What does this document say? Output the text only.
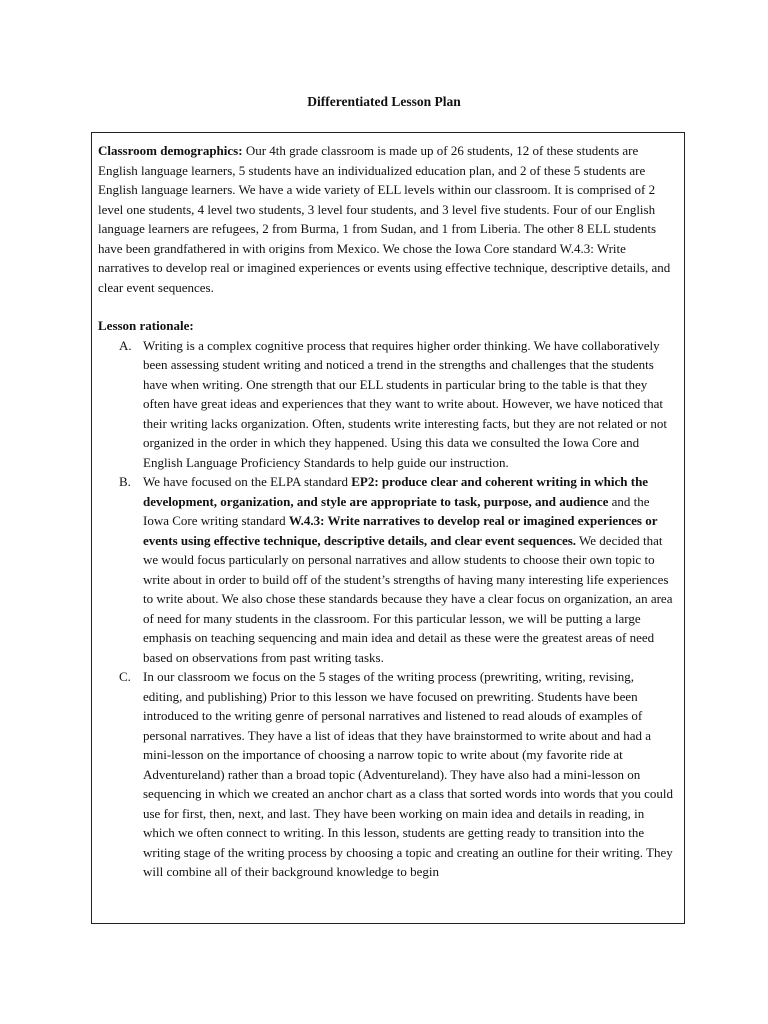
Differentiated Lesson Plan

Classroom demographics: Our 4th grade classroom is made up of 26 students, 12 of these students are English language learners, 5 students have an individualized education plan, and 2 of these 5 students are English language learners. We have a wide variety of ELL levels within our classroom. It is comprised of 2 level one students, 4 level two students, 3 level four students, and 3 level five students. Four of our English language learners are refugees, 2 from Burma, 1 from Sudan, and 1 from Liberia. The other 8 ELL students have been grandfathered in with origins from Mexico. We chose the Iowa Core standard W.4.3: Write narratives to develop real or imagined experiences or events using effective technique, descriptive details, and clear event sequences.

Lesson rationale:

A. Writing is a complex cognitive process that requires higher order thinking. We have collaboratively been assessing student writing and noticed a trend in the strengths and challenges that the students have when writing. One strength that our ELL students in particular bring to the table is that they often have great ideas and experiences that they want to write about. However, we have noticed that their writing lacks organization. Often, students write interesting facts, but they are not related or not organized in the order in which they happened. Using this data we consulted the Iowa Core and English Language Proficiency Standards to help guide our instruction.
B. We have focused on the ELPA standard EP2: produce clear and coherent writing in which the development, organization, and style are appropriate to task, purpose, and audience and the Iowa Core writing standard W.4.3: Write narratives to develop real or imagined experiences or events using effective technique, descriptive details, and clear event sequences. We decided that we would focus particularly on personal narratives and allow students to choose their own topic to write about in order to build off of the student’s strengths of having many interesting life experiences to write about. We also chose these standards because they have a clear focus on organization, an area of need for many students in the classroom. For this particular lesson, we will be putting a large emphasis on teaching sequencing and main idea and detail as these were the greatest areas of need based on observations from past writing tasks.
C. In our classroom we focus on the 5 stages of the writing process (prewriting, writing, revising, editing, and publishing) Prior to this lesson we have focused on prewriting. Students have been introduced to the writing genre of personal narratives and listened to read alouds of examples of personal narratives. They have a list of ideas that they have brainstormed to write about and had a mini-lesson on the importance of choosing a narrow topic to write about (my favorite ride at Adventureland) rather than a broad topic (Adventureland). They have also had a mini-lesson on sequencing in which we created an anchor chart as a class that sorted words into words that you could use for first, then, next, and last. They have been working on main idea and details in reading, in which we often connect to writing. In this lesson, students are getting ready to transition into the writing stage of the writing process by choosing a topic and creating an outline for their writing. They will combine all of their background knowledge to begin
